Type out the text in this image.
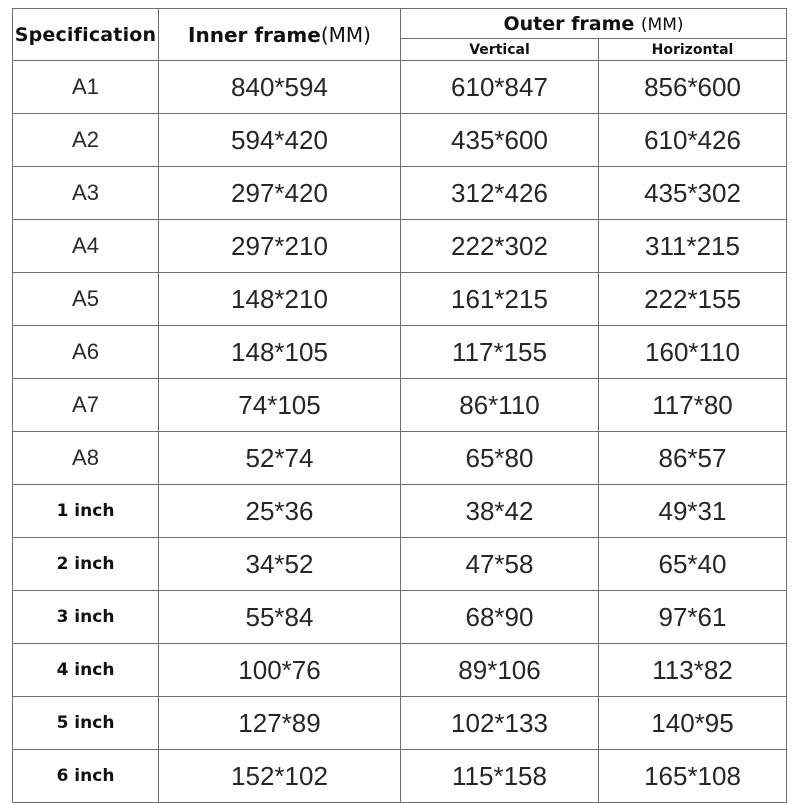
Specification	Inner frame(MM)	Outer frame (MM)	
		Vertical	Horizontal
A1	840*594	610*847	856*600
A2	594*420	435*600	610*426
A3	297*420	312*426	435*302
A4	297*210	222*302	311*215
A5	148*210	161*215	222*155
A6	148*105	117*155	160*110
A7	74*105	86*110	117*80
A8	52*74	65*80	86*57
1 inch	25*36	38*42	49*31
2 inch	34*52	47*58	65*40
3 inch	55*84	68*90	97*61
4 inch	100*76	89*106	113*82
5 inch	127*89	102*133	140*95
6 inch	152*102	115*158	165*108
